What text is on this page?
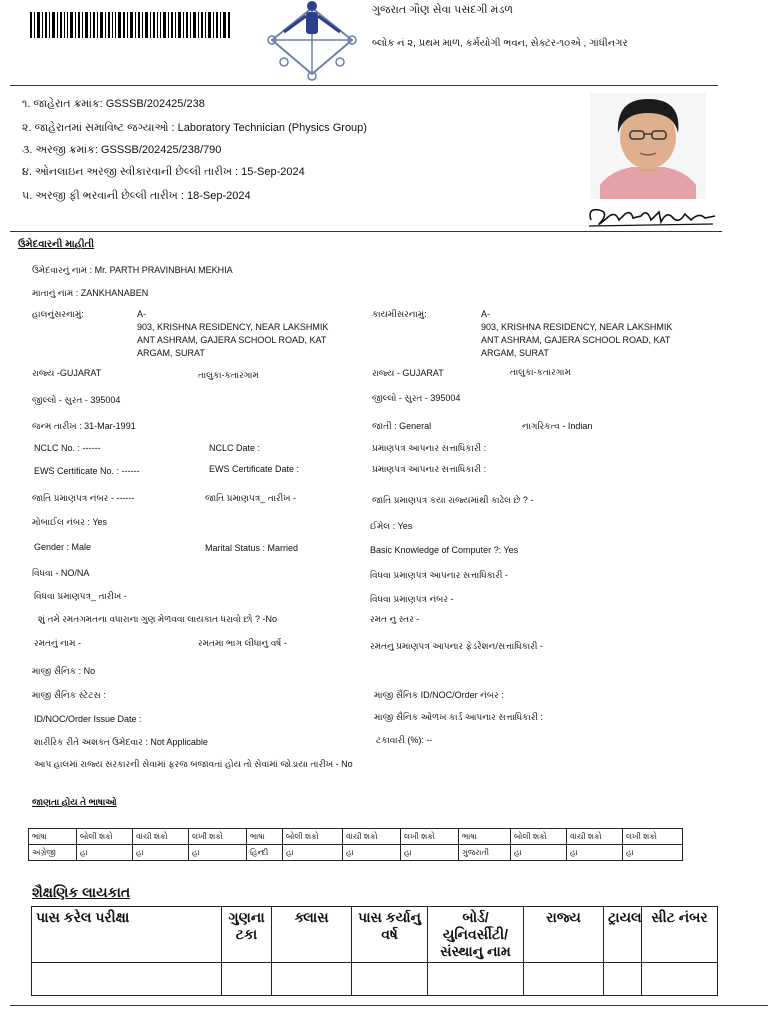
ગુજરાત ગૌણ સેવા પસંદગી મંડળ
બ્લોક નં ૨, પ્રથમ માળ, કર્મયોગી ભવન, સેક્ટર-૧૦એ , ગાંધીનગર
૧. જાહેરાત ક્રમાંક: GSSSB/202425/238
૨. જાહેરાતમાં સમાવિષ્ટ જગ્યાઓ : Laboratory Technician (Physics Group)
૩. અરજી ક્રમાંક: GSSSB/202425/238/790
૪. ઓનલાઇન અરજી સ્વીકારવાની છેલ્લી તારીખ : 15-Sep-2024
૫. અરજી ફી ભરવાની છેલ્લી તારીખ : 18-Sep-2024
ઉમેદવારની માહીતી
ઉમેદવારનું નામ : Mr. PARTH PRAVINBHAI MEKHIA
માતાનું નામ : ZANKHANABEN
હાલનુંસરનામું:	A-
903, KRISHNA RESIDENCY, NEAR LAKSHMIK
ANT ASHRAM, GAJERA SCHOOL ROAD, KAT
ARGAM, SURAT
કાયમીસરનામું:	A-
903, KRISHNA RESIDENCY, NEAR LAKSHMIK
ANT ASHRAM, GAJERA SCHOOL ROAD, KAT
ARGAM, SURAT
રાજ્ય -GUJARAT	તાલુકા-કતારગામ	રાજ્ય - GUJARAT	તાલુકા-કતારગામ
જીલ્લો - સુરત - 395004	જીલ્લો - સુરત - 395004
જન્મ તારીખ : 31-Mar-1991	જાતી : General	નાગરિકત્વ - Indian
NCLC No. : ------	NCLC Date :	પ્રમાણપત્ર આપનાર સત્તાધિકારી :
EWS Certificate No. : ------	EWS Certificate Date :	પ્રમાણપત્ર આપનાર સત્તાધિકારી :
જાતિ પ્રમાણપત્ર નંબર - ------	જાતિ પ્રમાણપત્ર_ તારીખ -	જાતિ પ્રમાણપત્ર કયા રાજ્યમાંથી કાઢેલ છે ? -
મોબાઈલ નંબર : Yes	ઈમેલ : Yes
Gender : Male	Marital Status : Married	Basic Knowledge of Computer ?: Yes
વિધવા - NO/NA	વિધવા પ્રમાણપત્ર આપનાર સત્તાધિકારી -
વિધવા પ્રમાણપત્ર_ તારીખ -	વિધવા પ્રમાણપત્ર નંબર -
શું તમે રમતગમતના વધારાના ગુણ મેળવવા લાયકાત ધરાવો છો ? -No	રમત નુ સ્તર -
રમતનું નામ -	રમતમા ભાગ લીધાનુ વર્ષ -	રમતનુ પ્રમાણપત્ર આપનાર ફેડરેશન/સત્તાધિકારી -
માજી સૈનિક : No
માજી સૈનિક સ્ટેટસ :	માજી સૈનિક ID/NOC/Order નંબર :
ID/NOC/Order Issue Date :	માજી સૈનિક ઓળખ કાર્ડ આપનાર સત્તાધિકારી :
શારીરિક રીતે અશક્ત ઉમેદવાર : Not Applicable	ટકાવારી (%): --
આપ હાલમાં રાજ્ય સરકારની સેવામાં ફરજ બજાવતાં હોય તો સેવામાં જોડાયા તારીખ - No
જાણતા હોય તે ભાષાઓ
ભાષા	બોલી શકો	વાંચી શકો	લખી શકો	ભાષા	બોલી શકો	વાંચી શકો	લખી શકો	ભાષા	બોલી શકો	વાંચી શકો	લખી શકો
અંગ્રેજી	હા	હા	હા	હિન્દી	હા	હા	હા	ગુજરાતી	હા	હા	હા
શૈક્ષણિક લાયકાત
પાસ કરેલ પરીક્ષા	ગુણના ટકા	ક્લાસ	પાસ કર્યાનુ વર્ષ	બોર્ડ/ યુનિવર્સીટી/ સંસ્થાનુ નામ	રાજ્ય	ટ્રાયલ	સીટ નંબર
